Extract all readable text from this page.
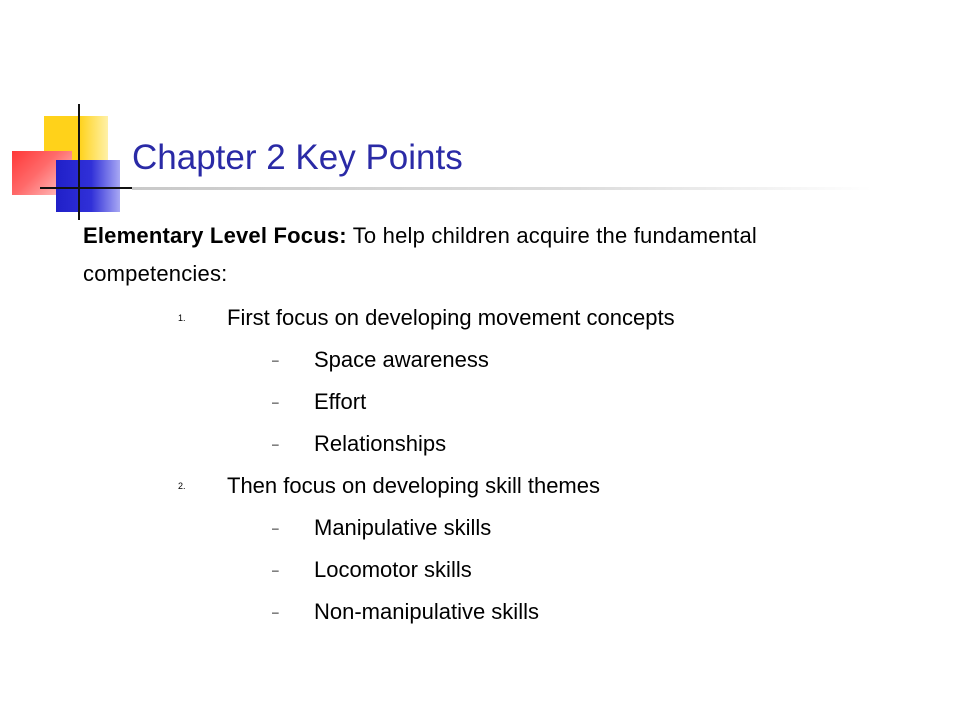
Chapter 2 Key Points
Elementary Level Focus: To help children acquire the fundamental competencies:
1. First focus on developing movement concepts
– Space awareness
– Effort
– Relationships
2. Then focus on developing skill themes
– Manipulative skills
– Locomotor skills
– Non-manipulative skills
